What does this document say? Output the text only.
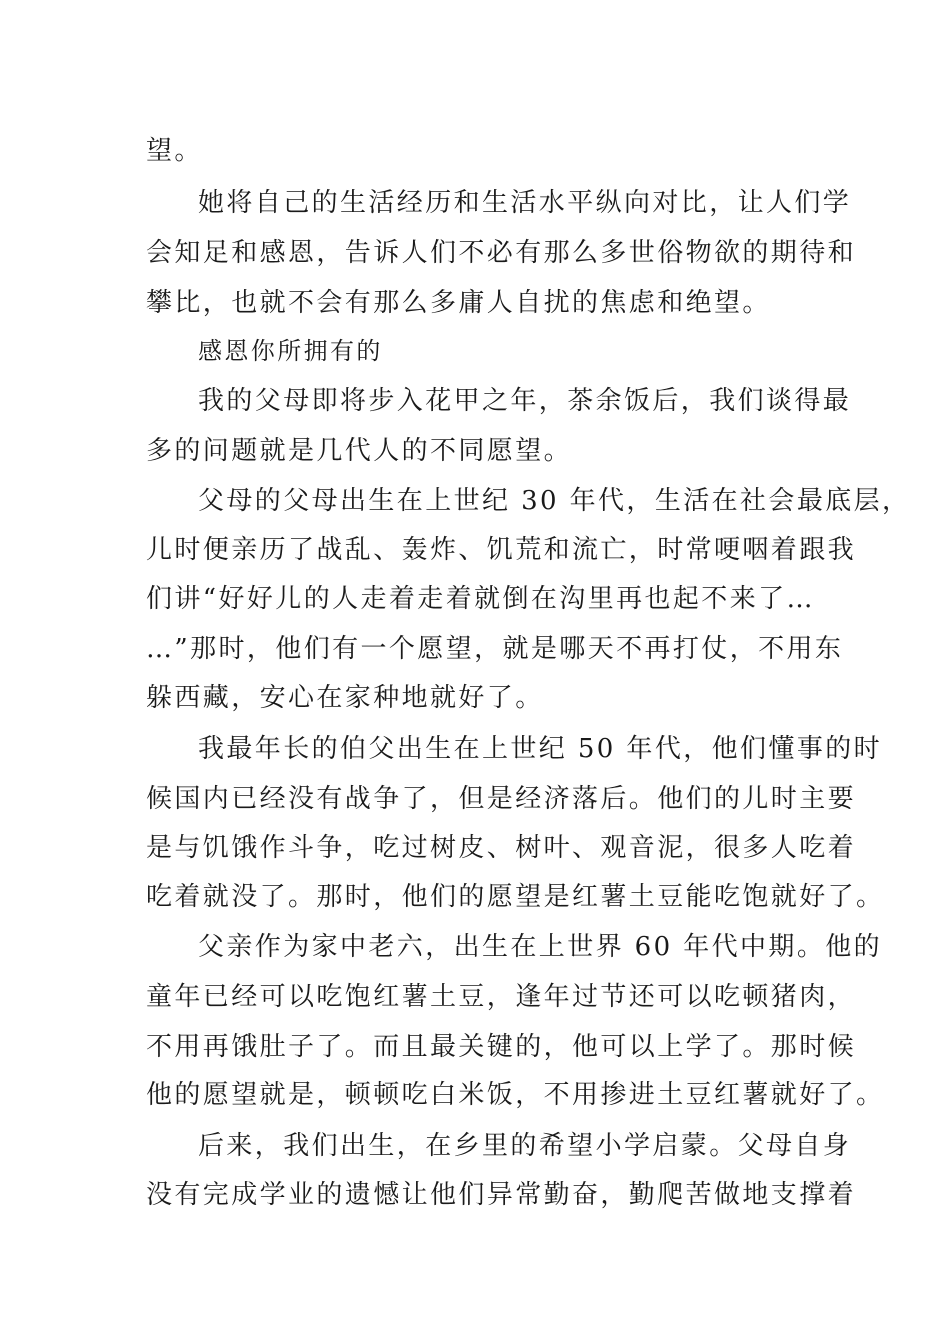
望。
她将自己的生活经历和生活水平纵向对比，让人们学
会知足和感恩，告诉人们不必有那么多世俗物欲的期待和
攀比，也就不会有那么多庸人自扰的焦虑和绝望。
感恩你所拥有的
我的父母即将步入花甲之年，茶余饭后，我们谈得最
多的问题就是几代人的不同愿望。
父母的父母出生在上世纪 30 年代，生活在社会最底层，
儿时便亲历了战乱、轰炸、饥荒和流亡，时常哽咽着跟我
们讲“好好儿的人走着走着就倒在沟里再也起不来了…
…”那时，他们有一个愿望，就是哪天不再打仗，不用东
躲西藏，安心在家种地就好了。
我最年长的伯父出生在上世纪 50 年代，他们懂事的时
候国内已经没有战争了，但是经济落后。他们的儿时主要
是与饥饿作斗争，吃过树皮、树叶、观音泥，很多人吃着
吃着就没了。那时，他们的愿望是红薯土豆能吃饱就好了。
父亲作为家中老六，出生在上世界 60 年代中期。他的
童年已经可以吃饱红薯土豆，逢年过节还可以吃顿猪肉，
不用再饿肚子了。而且最关键的，他可以上学了。那时候
他的愿望就是，顿顿吃白米饭，不用掺进土豆红薯就好了。
后来，我们出生，在乡里的希望小学启蒙。父母自身
没有完成学业的遗憾让他们异常勤奋，勤爬苦做地支撑着
